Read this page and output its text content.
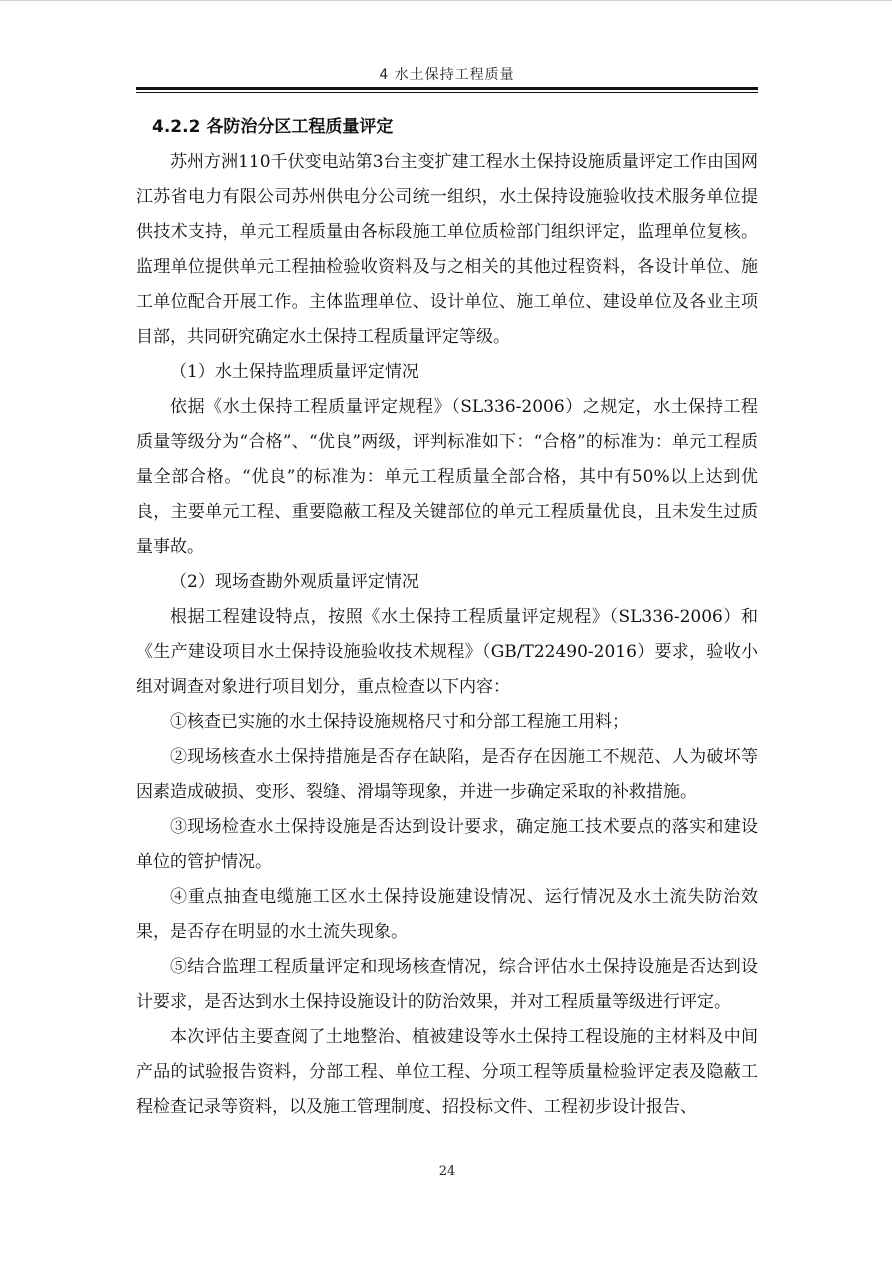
4 水土保持工程质量
4.2.2 各防治分区工程质量评定

苏州方洲110千伏变电站第3台主变扩建工程水土保持设施质量评定工作由国网江苏省电力有限公司苏州供电分公司统一组织，水土保持设施验收技术服务单位提供技术支持，单元工程质量由各标段施工单位质检部门组织评定，监理单位复核。监理单位提供单元工程抽检验收资料及与之相关的其他过程资料，各设计单位、施工单位配合开展工作。主体监理单位、设计单位、施工单位、建设单位及各业主项目部，共同研究确定水土保持工程质量评定等级。

（1）水土保持监理质量评定情况

依据《水土保持工程质量评定规程》（SL336-2006）之规定，水土保持工程质量等级分为“合格”、“优良”两级，评判标准如下：“合格”的标准为：单元工程质量全部合格。“优良”的标准为：单元工程质量全部合格，其中有50%以上达到优良，主要单元工程、重要隐蔽工程及关键部位的单元工程质量优良，且未发生过质量事故。

（2）现场查勘外观质量评定情况

根据工程建设特点，按照《水土保持工程质量评定规程》（SL336-2006）和《生产建设项目水土保持设施验收技术规程》（GB/T22490-2016）要求，验收小组对调查对象进行项目划分，重点检查以下内容：

①核查已实施的水土保持设施规格尺寸和分部工程施工用料；

②现场核查水土保持措施是否存在缺陷，是否存在因施工不规范、人为破坏等因素造成破损、变形、裂缝、滑塌等现象，并进一步确定采取的补救措施。

③现场检查水土保持设施是否达到设计要求，确定施工技术要点的落实和建设单位的管护情况。

④重点抽查电缆施工区水土保持设施建设情况、运行情况及水土流失防治效果，是否存在明显的水土流失现象。

⑤结合监理工程质量评定和现场核查情况，综合评估水土保持设施是否达到设计要求，是否达到水土保持设施设计的防治效果，并对工程质量等级进行评定。

本次评估主要查阅了土地整治、植被建设等水土保持工程设施的主材料及中间产品的试验报告资料，分部工程、单位工程、分项工程等质量检验评定表及隐蔽工程检查记录等资料，以及施工管理制度、招投标文件、工程初步设计报告、

24
